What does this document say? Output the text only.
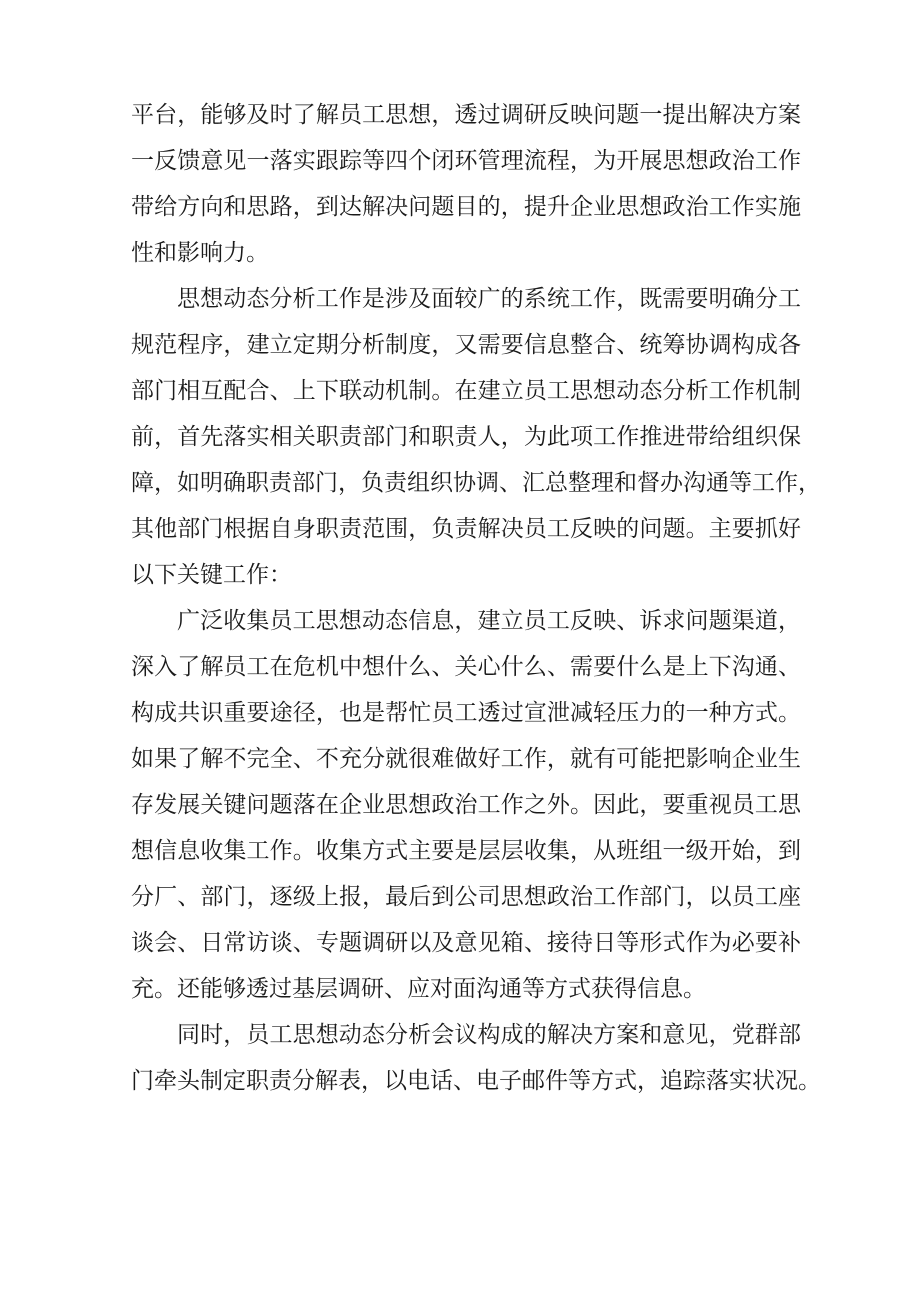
平台，能够及时了解员工思想，透过调研反映问题一提出解决方案
一反馈意见一落实跟踪等四个闭环管理流程，为开展思想政治工作
带给方向和思路，到达解决问题目的，提升企业思想政治工作实施
性和影响力。

思想动态分析工作是涉及面较广的系统工作，既需要明确分工
规范程序，建立定期分析制度，又需要信息整合、统筹协调构成各
部门相互配合、上下联动机制。在建立员工思想动态分析工作机制
前，首先落实相关职责部门和职责人，为此项工作推进带给组织保
障，如明确职责部门，负责组织协调、汇总整理和督办沟通等工作，
其他部门根据自身职责范围，负责解决员工反映的问题。主要抓好
以下关键工作：

广泛收集员工思想动态信息，建立员工反映、诉求问题渠道，
深入了解员工在危机中想什么、关心什么、需要什么是上下沟通、
构成共识重要途径，也是帮忙员工透过宣泄减轻压力的一种方式。
如果了解不完全、不充分就很难做好工作，就有可能把影响企业生
存发展关键问题落在企业思想政治工作之外。因此，要重视员工思
想信息收集工作。收集方式主要是层层收集，从班组一级开始，到
分厂、部门，逐级上报，最后到公司思想政治工作部门，以员工座
谈会、日常访谈、专题调研以及意见箱、接待日等形式作为必要补
充。还能够透过基层调研、应对面沟通等方式获得信息。

同时，员工思想动态分析会议构成的解决方案和意见，党群部
门牵头制定职责分解表，以电话、电子邮件等方式，追踪落实状况。
